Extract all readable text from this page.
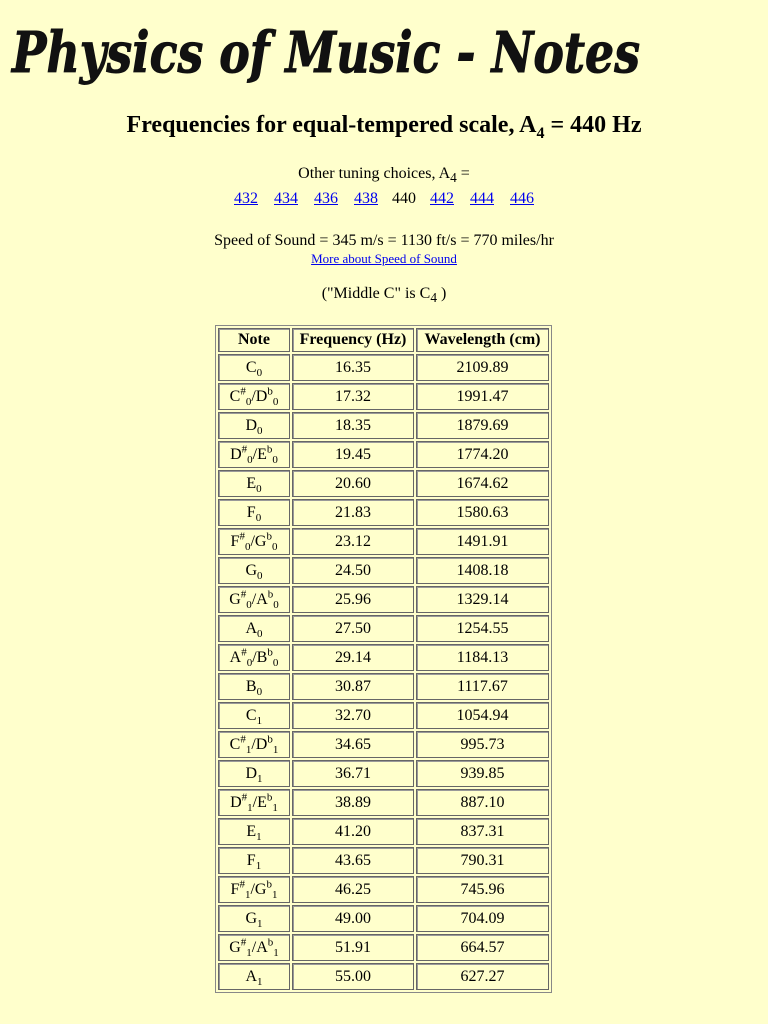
Physics of Music - Notes
Frequencies for equal-tempered scale, $A_4 = 440$ Hz
Other tuning choices, $A_4$ =
432 434 436 438 440 442 444 446
Speed of Sound = 345 m/s = 1130 ft/s = 770 miles/hr
More about Speed of Sound
("Middle C" is $C_4$ )
Note	Frequency (Hz)	Wavelength (cm)
$C_0$	16.35	2109.89
$C^{\#}_0/D^b_0$	17.32	1991.47
$D_0$	18.35	1879.69
$D^{\#}_0/E^b_0$	19.45	1774.20
$E_0$	20.60	1674.62
$F_0$	21.83	1580.63
$F^{\#}_0/G^b_0$	23.12	1491.91
$G_0$	24.50	1408.18
$G^{\#}_0/A^b_0$	25.96	1329.14
$A_0$	27.50	1254.55
$A^{\#}_0/B^b_0$	29.14	1184.13
$B_0$	30.87	1117.67
$C_1$	32.70	1054.94
$C^{\#}_1/D^b_1$	34.65	995.73
$D_1$	36.71	939.85
$D^{\#}_1/E^b_1$	38.89	887.10
$E_1$	41.20	837.31
$F_1$	43.65	790.31
$F^{\#}_1/G^b_1$	46.25	745.96
$G_1$	49.00	704.09
$G^{\#}_1/A^b_1$	51.91	664.57
$A_1$	55.00	627.27
